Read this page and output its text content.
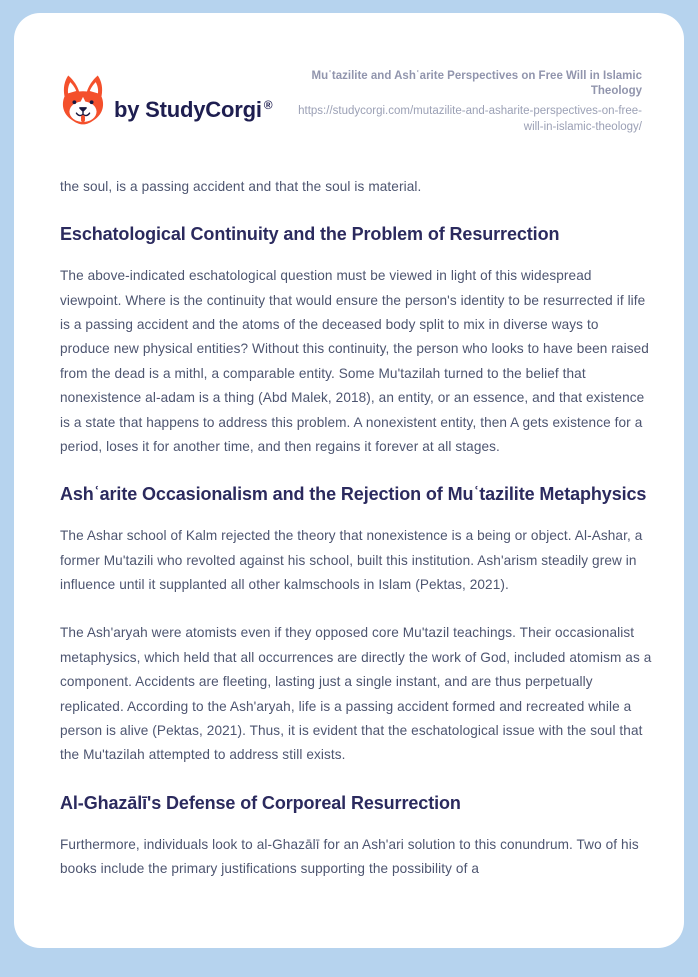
by StudyCorgi ®
Muʿtazilite and Ashʿarite Perspectives on Free Will in Islamic Theology
https://studycorgi.com/mutazilite-and-asharite-perspectives-on-free-will-in-islamic-theology/

the soul, is a passing accident and that the soul is material.

Eschatological Continuity and the Problem of Resurrection

The above-indicated eschatological question must be viewed in light of this widespread viewpoint. Where is the continuity that would ensure the person's identity to be resurrected if life is a passing accident and the atoms of the deceased body split to mix in diverse ways to produce new physical entities? Without this continuity, the person who looks to have been raised from the dead is a mithl, a comparable entity. Some Mu'tazilah turned to the belief that nonexistence al-adam is a thing (Abd Malek, 2018), an entity, or an essence, and that existence is a state that happens to address this problem. A nonexistent entity, then A gets existence for a period, loses it for another time, and then regains it forever at all stages.

Ashʿarite Occasionalism and the Rejection of Muʿtazilite Metaphysics

The Ashar school of Kalm rejected the theory that nonexistence is a being or object. Al-Ashar, a former Mu'tazili who revolted against his school, built this institution. Ash'arism steadily grew in influence until it supplanted all other kalmschools in Islam (Pektas, 2021).

The Ash'aryah were atomists even if they opposed core Mu'tazil teachings. Their occasionalist metaphysics, which held that all occurrences are directly the work of God, included atomism as a component. Accidents are fleeting, lasting just a single instant, and are thus perpetually replicated. According to the Ash'aryah, life is a passing accident formed and recreated while a person is alive (Pektas, 2021). Thus, it is evident that the eschatological issue with the soul that the Mu'tazilah attempted to address still exists.

Al-Ghazālī's Defense of Corporeal Resurrection

Furthermore, individuals look to al-Ghazālī for an Ash'ari solution to this conundrum. Two of his books include the primary justifications supporting the possibility of a
